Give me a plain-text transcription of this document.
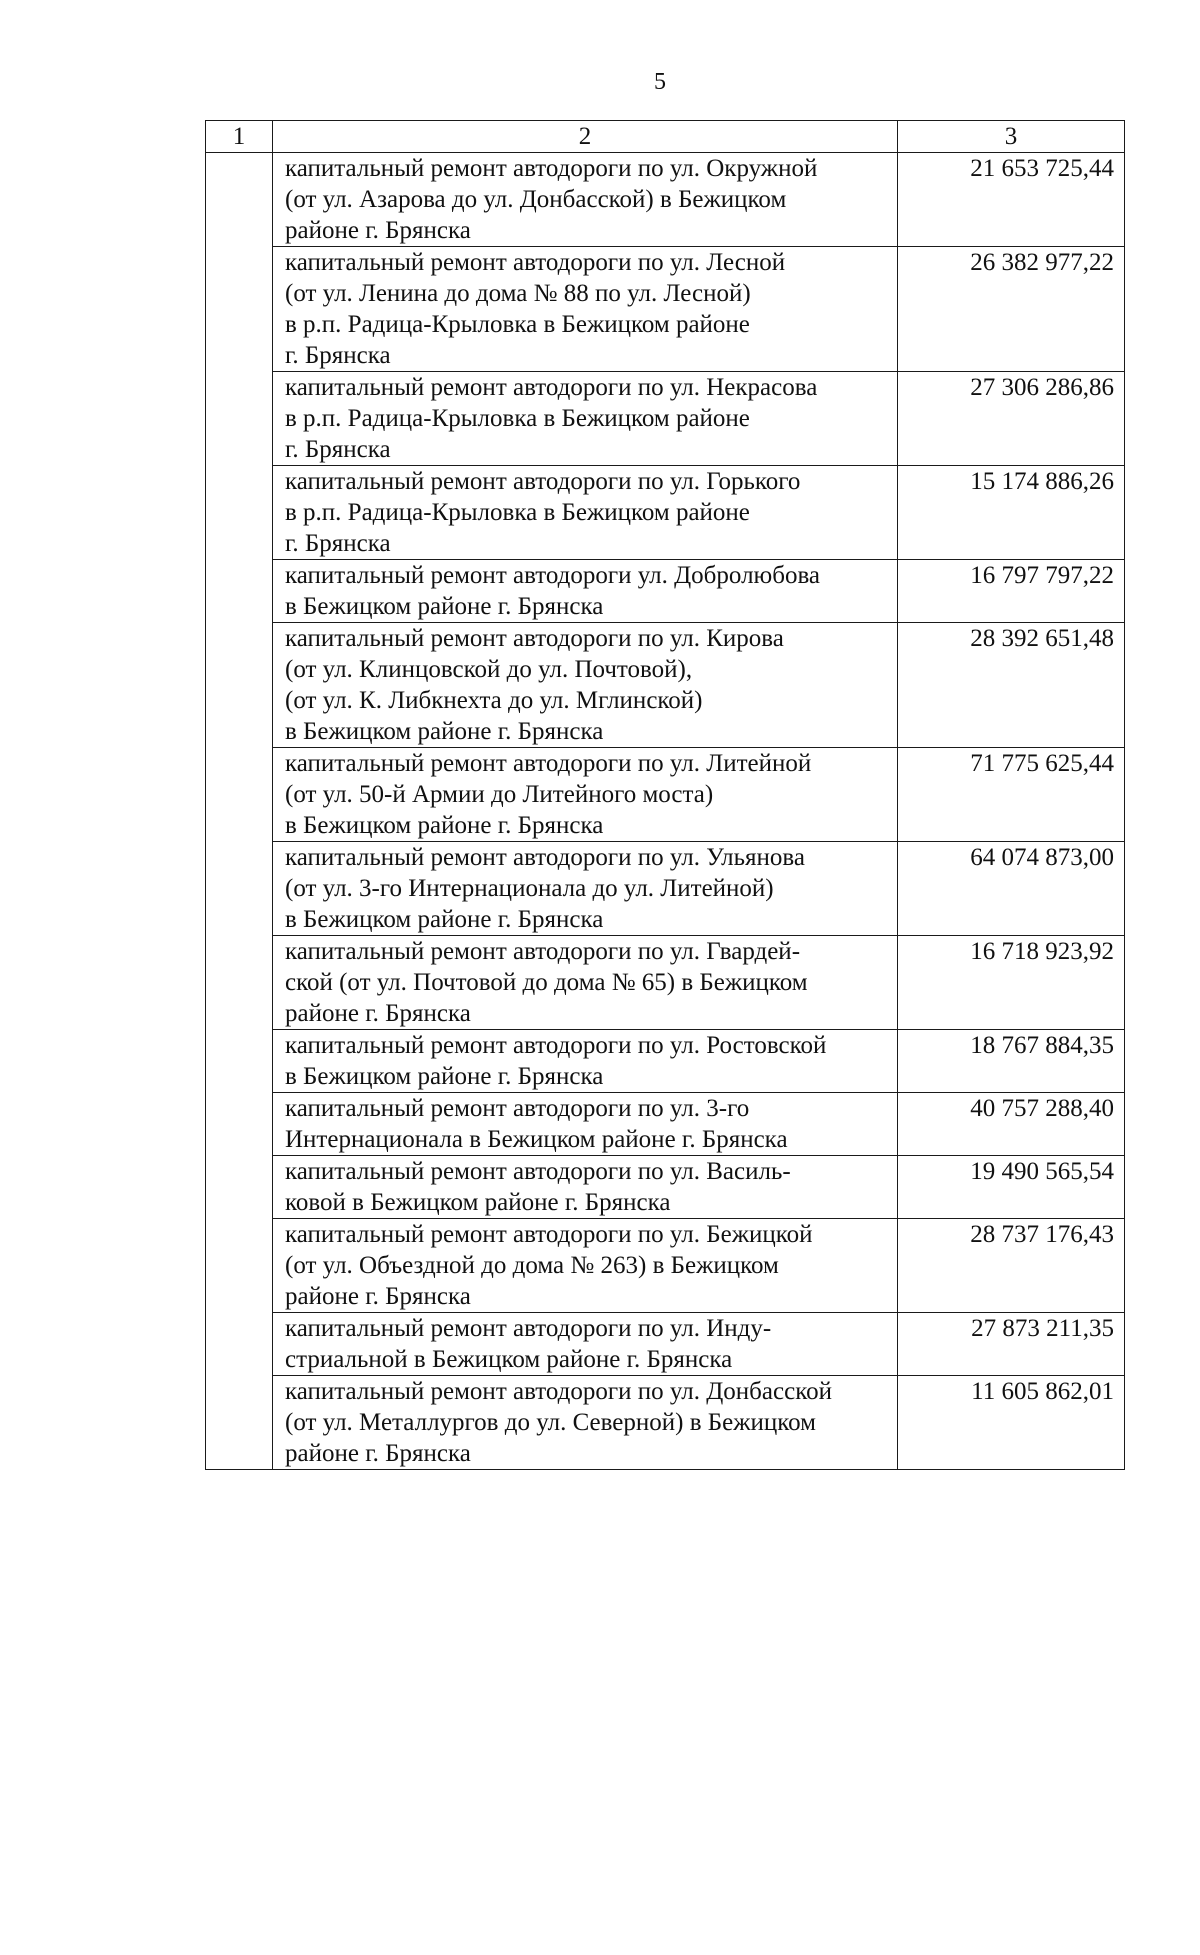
5
1	2	3
	капитальный ремонт автодороги по ул. Окружной
(от ул. Азарова до ул. Донбасской) в Бежицком
районе г. Брянска	21 653 725,44
	капитальный ремонт автодороги по ул. Лесной
(от ул. Ленина до дома № 88 по ул. Лесной)
в р.п. Радица-Крыловка в Бежицком районе
г. Брянска	26 382 977,22
	капитальный ремонт автодороги по ул. Некрасова
в р.п. Радица-Крыловка в Бежицком районе
г. Брянска	27 306 286,86
	капитальный ремонт автодороги по ул. Горького
в р.п. Радица-Крыловка в Бежицком районе
г. Брянска	15 174 886,26
	капитальный ремонт автодороги ул. Добролюбова
в Бежицком районе г. Брянска	16 797 797,22
	капитальный ремонт автодороги по ул. Кирова
(от ул. Клинцовской до ул. Почтовой),
(от ул. К. Либкнехта до ул. Мглинской)
в Бежицком районе г. Брянска	28 392 651,48
	капитальный ремонт автодороги по ул. Литейной
(от ул. 50-й Армии до Литейного моста)
в Бежицком районе г. Брянска	71 775 625,44
	капитальный ремонт автодороги по ул. Ульянова
(от ул. 3-го Интернационала до ул. Литейной)
в Бежицком районе г. Брянска	64 074 873,00
	капитальный ремонт автодороги по ул. Гвардей-
ской (от ул. Почтовой до дома № 65) в Бежицком
районе г. Брянска	16 718 923,92
	капитальный ремонт автодороги по ул. Ростовской
в Бежицком районе г. Брянска	18 767 884,35
	капитальный ремонт автодороги по ул. 3-го
Интернационала в Бежицком районе г. Брянска	40 757 288,40
	капитальный ремонт автодороги по ул. Василь-
ковой в Бежицком районе г. Брянска	19 490 565,54
	капитальный ремонт автодороги по ул. Бежицкой
(от ул. Объездной до дома № 263) в Бежицком
районе г. Брянска	28 737 176,43
	капитальный ремонт автодороги по ул. Инду-
стриальной в Бежицком районе г. Брянска	27 873 211,35
	капитальный ремонт автодороги по ул. Донбасской
(от ул. Металлургов до ул. Северной) в Бежицком
районе г. Брянска	11 605 862,01
